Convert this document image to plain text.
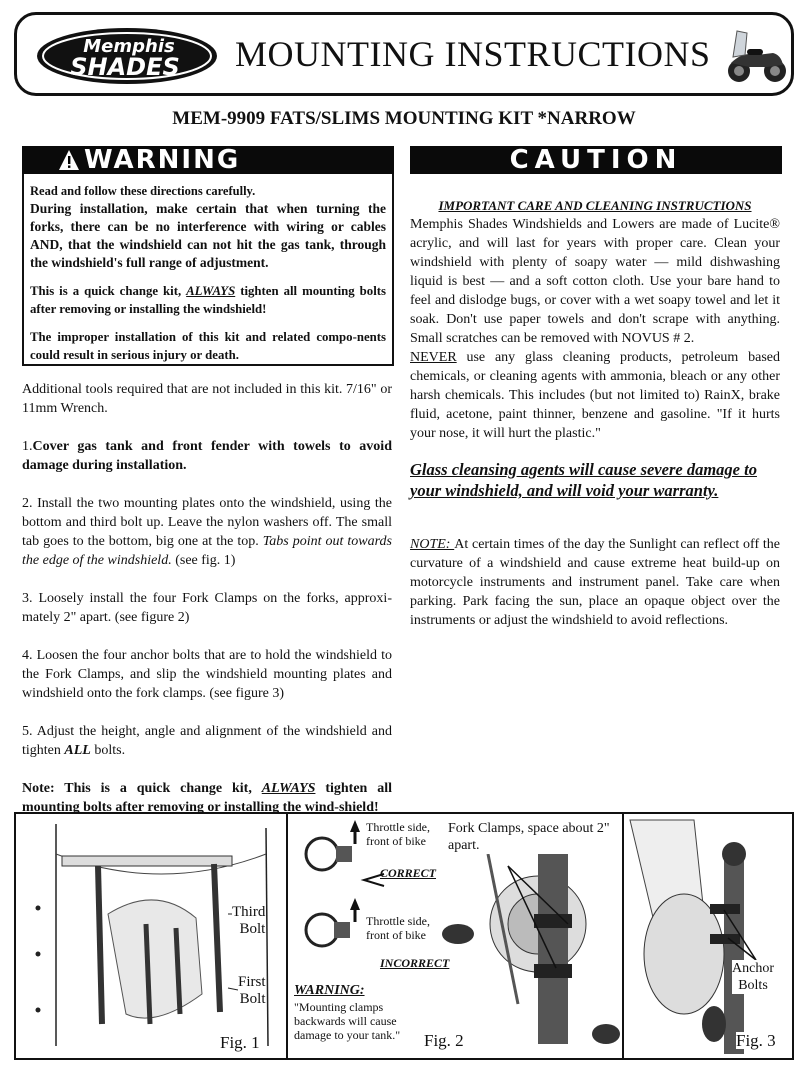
Memphis
SHADES MOUNTING INSTRUCTIONS
MEM-9909 FATS/SLIMS MOUNTING KIT *NARROW
WARNING

Read and follow these directions carefully.

During installation, make certain that when turning the forks, there can be no interference with wiring or cables AND, that the windshield can not hit the gas tank, through the windshield's full range of adjustment.

This is a quick change kit, ALWAYS tighten all mounting bolts after removing or installing the windshield!

The improper installation of this kit and related compo-nents could result in serious injury or death.

CAUTION

Additional tools required that are not included in this kit. 7/16" or 11mm Wrench.

1.Cover gas tank and front fender with towels to avoid damage during installation.

2. Install the two mounting plates onto the windshield, using the bottom and third bolt up. Leave the nylon washers off. The small tab goes to the bottom, big one at the top. Tabs point out towards the edge of the windshield. (see fig. 1)

3. Loosely install the four Fork Clamps on the forks, approxi-mately 2" apart. (see figure 2)

4. Loosen the four anchor bolts that are to hold the windshield to the Fork Clamps, and slip the windshield mounting plates and windshield onto the fork clamps. (see figure 3)

5. Adjust the height, angle and alignment of the windshield and tighten ALL bolts.

Note: This is a quick change kit, ALWAYS tighten all mounting bolts after removing or installing the wind-shield!

IMPORTANT CARE AND CLEANING INSTRUCTIONS
Memphis Shades Windshields and Lowers are made of Lucite® acrylic, and will last for years with proper care. Clean your windshield with plenty of soapy water — mild dishwashing liquid is best — and a soft cotton cloth. Use your bare hand to feel and dislodge bugs, or cover with a wet soapy towel and let it soak. Don't use paper towels and don't scrape with anything. Small scratches can be removed with NOVUS # 2.
NEVER use any glass cleaning products, petroleum based chemicals, or cleaning agents with ammonia, bleach or any other harsh chemicals. This includes (but not limited to) RainX, brake fluid, acetone, paint thinner, benzene and gasoline. "If it hurts your nose, it will hurt the plastic."
Glass cleansing agents will cause severe damage to your windshield, and will void your warranty.
NOTE: At certain times of the day the Sunlight can reflect off the curvature of a windshield and cause extreme heat build-up on motorcycle instruments and instrument panel. Take care when parking. Park facing the sun, place an opaque object over the instruments or adjust the windshield to avoid reflections.
Third
Bolt
First
Bolt
Fig. 1
Throttle side,
front of bike
CORRECT
Throttle side,
front of bike
INCORRECT
WARNING:
"Mounting clamps backwards will cause damage to your tank."
Fork Clamps, space about 2" apart.
Fig. 2
Anchor
Bolts
Fig. 3
